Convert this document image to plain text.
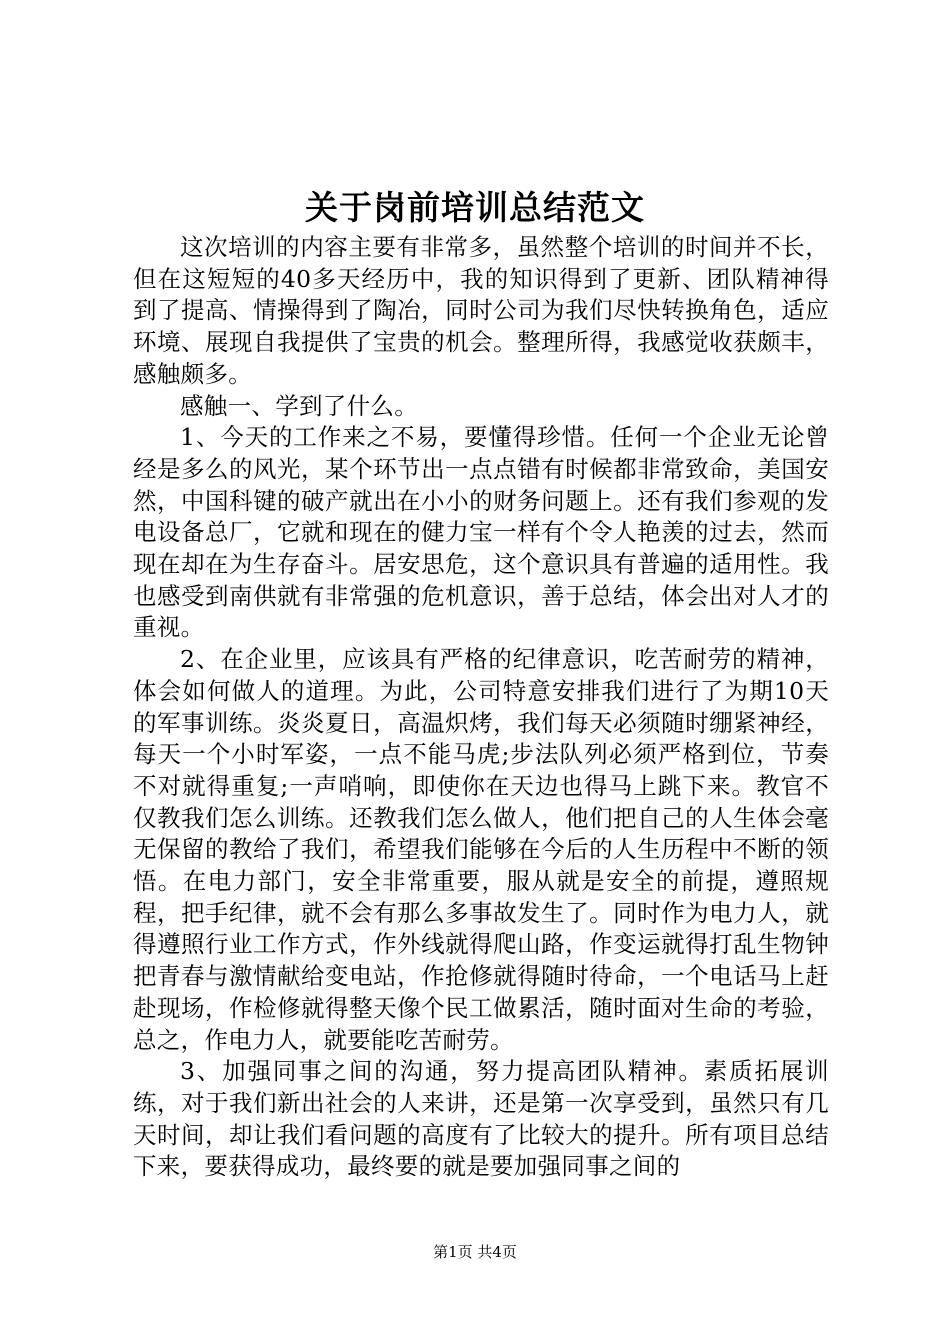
关于岗前培训总结范文

这次培训的内容主要有非常多，虽然整个培训的时间并不长，但在这短短的40多天经历中，我的知识得到了更新、团队精神得到了提高、情操得到了陶冶，同时公司为我们尽快转换角色，适应环境、展现自我提供了宝贵的机会。整理所得，我感觉收获颇丰，感触颇多。

感触一、学到了什么。

1、今天的工作来之不易，要懂得珍惜。任何一个企业无论曾经是多么的风光，某个环节出一点点错有时候都非常致命，美国安然，中国科键的破产就出在小小的财务问题上。还有我们参观的发电设备总厂，它就和现在的健力宝一样有个令人艳羡的过去，然而现在却在为生存奋斗。居安思危，这个意识具有普遍的适用性。我也感受到南供就有非常强的危机意识，善于总结，体会出对人才的重视。

2、在企业里，应该具有严格的纪律意识，吃苦耐劳的精神，体会如何做人的道理。为此，公司特意安排我们进行了为期10天的军事训练。炎炎夏日，高温炽烤，我们每天必须随时绷紧神经，每天一个小时军姿，一点不能马虎;步法队列必须严格到位，节奏不对就得重复;一声哨响，即使你在天边也得马上跳下来。教官不仅教我们怎么训练。还教我们怎么做人，他们把自己的人生体会毫无保留的教给了我们，希望我们能够在今后的人生历程中不断的领悟。在电力部门，安全非常重要，服从就是安全的前提，遵照规程，把手纪律，就不会有那么多事故发生了。同时作为电力人，就得遵照行业工作方式，作外线就得爬山路，作变运就得打乱生物钟把青春与激情献给变电站，作抢修就得随时待命，一个电话马上赶赴现场，作检修就得整天像个民工做累活，随时面对生命的考验，总之，作电力人，就要能吃苦耐劳。

3、加强同事之间的沟通，努力提高团队精神。素质拓展训练，对于我们新出社会的人来讲，还是第一次享受到，虽然只有几天时间，却让我们看问题的高度有了比较大的提升。所有项目总结下来，要获得成功，最终要的就是要加强同事之间的

第1页 共4页
